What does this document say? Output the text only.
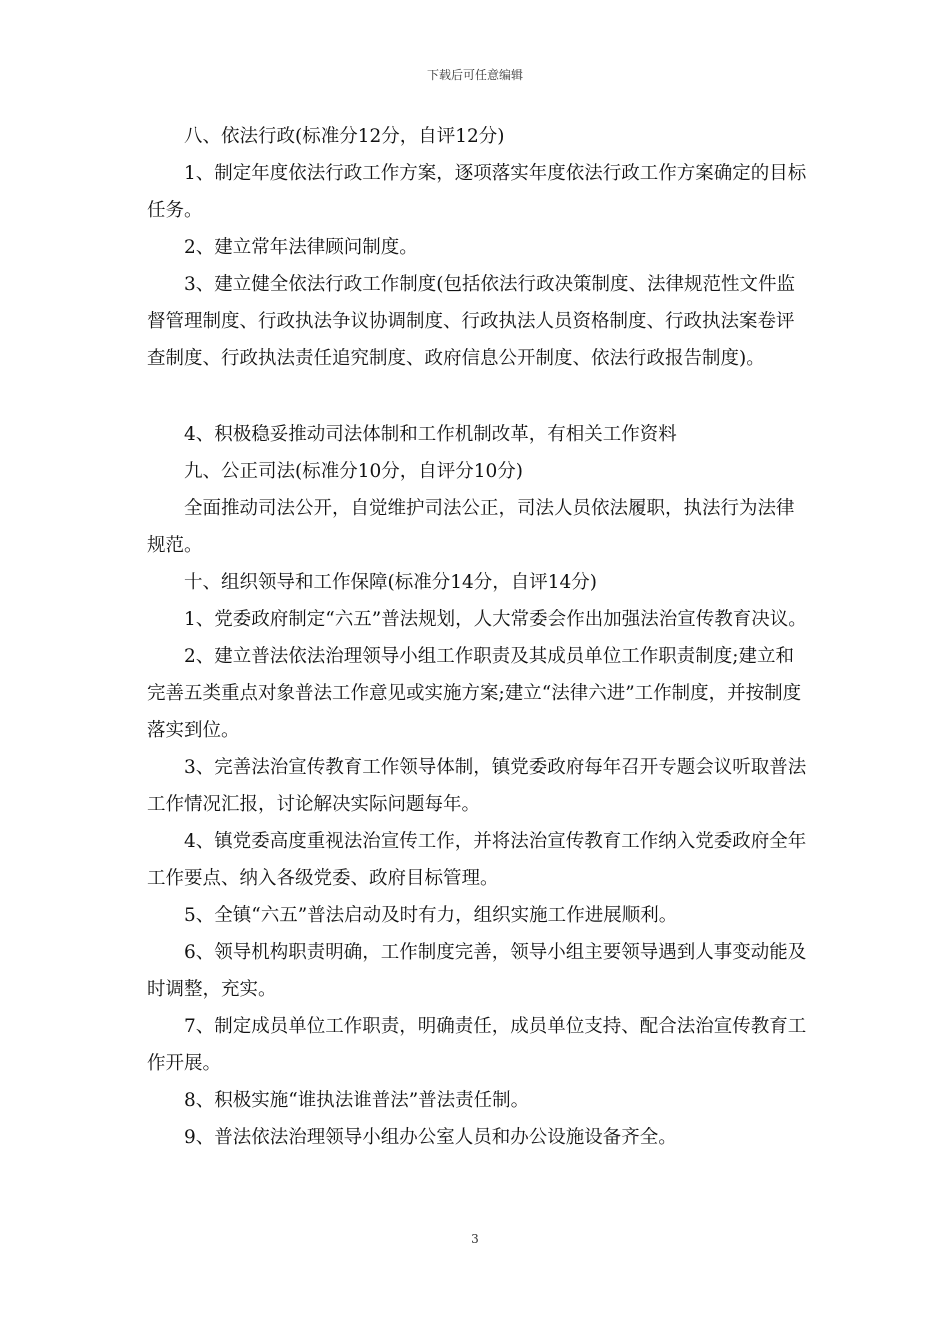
下载后可任意编辑

八、依法行政(标准分12分，自评12分)

1、制定年度依法行政工作方案，逐项落实年度依法行政工作方案确定的目标任务。

2、建立常年法律顾问制度。

3、建立健全依法行政工作制度(包括依法行政决策制度、法律规范性文件监督管理制度、行政执法争议协调制度、行政执法人员资格制度、行政执法案卷评查制度、行政执法责任追究制度、政府信息公开制度、依法行政报告制度)。

4、积极稳妥推动司法体制和工作机制改革，有相关工作资料

九、公正司法(标准分10分，自评分10分)

全面推动司法公开，自觉维护司法公正，司法人员依法履职，执法行为法律规范。

十、组织领导和工作保障(标准分14分，自评14分)

1、党委政府制定“六五”普法规划，人大常委会作出加强法治宣传教育决议。

2、建立普法依法治理领导小组工作职责及其成员单位工作职责制度;建立和完善五类重点对象普法工作意见或实施方案;建立“法律六进”工作制度，并按制度落实到位。

3、完善法治宣传教育工作领导体制，镇党委政府每年召开专题会议听取普法工作情况汇报，讨论解决实际问题每年。

4、镇党委高度重视法治宣传工作，并将法治宣传教育工作纳入党委政府全年工作要点、纳入各级党委、政府目标管理。

5、全镇“六五”普法启动及时有力，组织实施工作进展顺利。

6、领导机构职责明确，工作制度完善，领导小组主要领导遇到人事变动能及时调整，充实。

7、制定成员单位工作职责，明确责任，成员单位支持、配合法治宣传教育工作开展。

8、积极实施“谁执法谁普法”普法责任制。

9、普法依法治理领导小组办公室人员和办公设施设备齐全。

3
